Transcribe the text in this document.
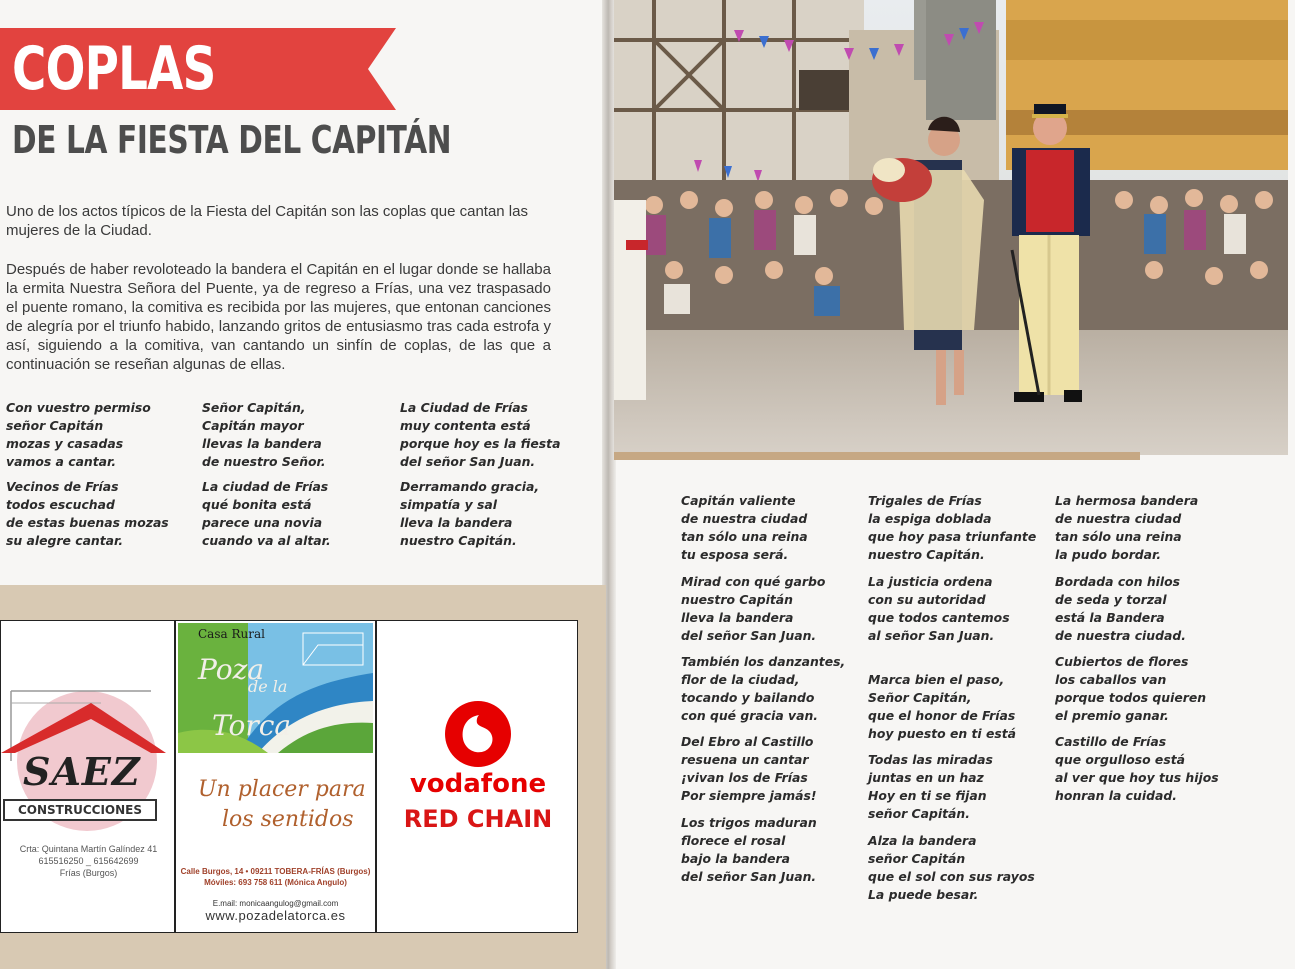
COPLAS
DE LA FIESTA DEL CAPITÁN

Uno de los actos típicos de la Fiesta del Capitán son las coplas que cantan las mujeres de la Ciudad.

Después de haber revoloteado la bandera el Capitán en el lugar donde se hallaba la ermita Nuestra Señora del Puente, ya de regreso a Frías, una vez traspasado el puente romano, la comitiva es recibida por las mujeres, que entonan canciones de alegría por el triunfo habido, lanzando gritos de entusiasmo tras cada estrofa y así, siguiendo a la comitiva, van cantando un sinfín de coplas, de las que a continuación se reseñan algunas de ellas.

Con vuestro permiso
señor Capitán
mozas y casadas
vamos a cantar.
Señor Capitán,
Capitán mayor
llevas la bandera
de nuestro Señor.
La Ciudad de Frías
muy contenta está
porque hoy es la fiesta
del señor San Juan.
Vecinos de Frías
todos escuchad
de estas buenas mozas
su alegre cantar.
La ciudad de Frías
qué bonita está
parece una novia
cuando va al altar.
Derramando gracia,
simpatía y sal
lleva la bandera
nuestro Capitán.
SAEZ
CONSTRUCCIONES
Crta: Quintana Martín Galíndez 41
615516250 _ 615642699
Frías (Burgos)
Casa Rural
Poza
de la
Torca
Un placer para
los sentidos
Calle Burgos, 14 • 09211 TOBERA-FRÍAS (Burgos)
Móviles: 693 758 611 (Mónica Angulo)
E.mail: monicaangulog@gmail.com
www.pozadelatorca.es
vodafone
RED CHAIN
Capitán valiente
de nuestra ciudad
tan sólo una reina
tu esposa será.
Mirad con qué garbo
nuestro Capitán
lleva la bandera
del señor San Juan.
También los danzantes,
flor de la ciudad,
tocando y bailando
con qué gracia van.
Del Ebro al Castillo
resuena un cantar
¡vivan los de Frías
Por siempre jamás!
Los trigos maduran
florece el rosal
bajo la bandera
del señor San Juan.
Trigales de Frías
la espiga doblada
que hoy pasa triunfante
nuestro Capitán.
La justicia ordena
con su autoridad
que todos cantemos
al señor San Juan.
Marca bien el paso,
Señor Capitán,
que el honor de Frías
hoy puesto en ti está
Todas las miradas
juntas en un haz
Hoy en ti se fijan
señor Capitán.
Alza la bandera
señor Capitán
que el sol con sus rayos
La puede besar.
La hermosa bandera
de nuestra ciudad
tan sólo una reina
la pudo bordar.
Bordada con hilos
de seda y torzal
está la Bandera
de nuestra ciudad.
Cubiertos de flores
los caballos van
porque todos quieren
el premio ganar.
Castillo de Frías
que orgulloso está
al ver que hoy tus hijos
honran la cuidad.
